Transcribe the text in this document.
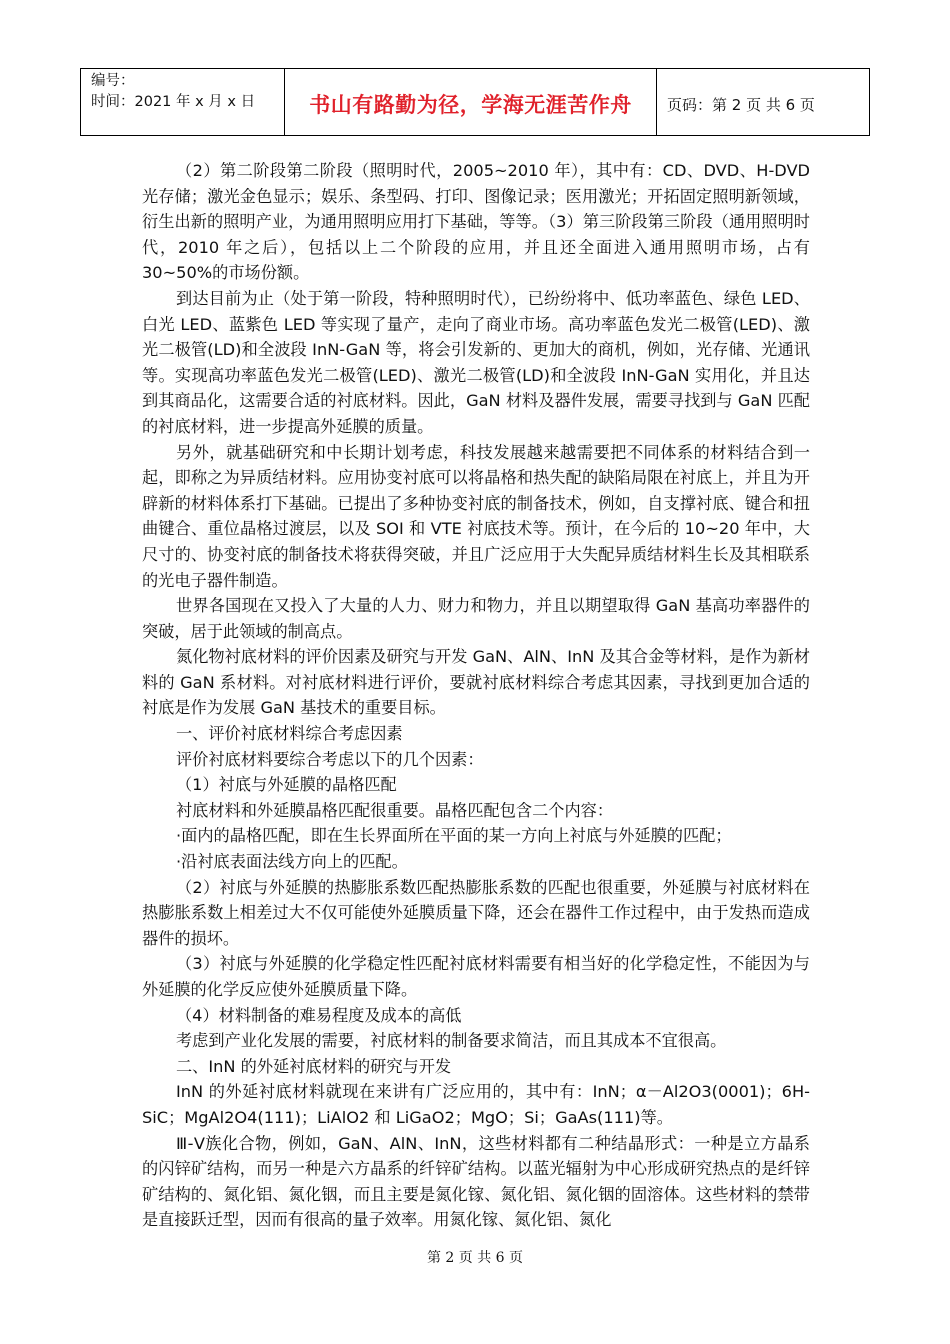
编号：
时间：2021 年 x 月 x 日	书山有路勤为径，学海无涯苦作舟	页码：第 2 页 共 6 页

（2）第二阶段第二阶段（照明时代，2005~2010 年），其中有：CD、DVD、H-DVD 光存储；激光金色显示；娱乐、条型码、打印、图像记录；医用激光；开拓固定照明新领域，衍生出新的照明产业，为通用照明应用打下基础，等等。（3）第三阶段第三阶段（通用照明时代，2010 年之后），包括以上二个阶段的应用，并且还全面进入通用照明市场，占有 30~50%的市场份额。

到达目前为止（处于第一阶段，特种照明时代），已纷纷将中、低功率蓝色、绿色 LED、白光 LED、蓝紫色 LED 等实现了量产，走向了商业市场。高功率蓝色发光二极管(LED)、激光二极管(LD)和全波段 InN-GaN 等，将会引发新的、更加大的商机，例如，光存储、光通讯等。实现高功率蓝色发光二极管(LED)、激光二极管(LD)和全波段 InN-GaN 实用化，并且达到其商品化，这需要合适的衬底材料。因此，GaN 材料及器件发展，需要寻找到与 GaN 匹配的衬底材料，进一步提高外延膜的质量。

另外，就基础研究和中长期计划考虑，科技发展越来越需要把不同体系的材料结合到一起，即称之为异质结材料。应用协变衬底可以将晶格和热失配的缺陷局限在衬底上，并且为开辟新的材料体系打下基础。已提出了多种协变衬底的制备技术，例如，自支撑衬底、键合和扭曲键合、重位晶格过渡层，以及 SOI 和 VTE 衬底技术等。预计，在今后的 10~20 年中，大尺寸的、协变衬底的制备技术将获得突破，并且广泛应用于大失配异质结材料生长及其相联系的光电子器件制造。

世界各国现在又投入了大量的人力、财力和物力，并且以期望取得 GaN 基高功率器件的突破，居于此领域的制高点。

氮化物衬底材料的评价因素及研究与开发 GaN、AlN、InN 及其合金等材料，是作为新材料的 GaN 系材料。对衬底材料进行评价，要就衬底材料综合考虑其因素，寻找到更加合适的衬底是作为发展 GaN 基技术的重要目标。

一、评价衬底材料综合考虑因素

评价衬底材料要综合考虑以下的几个因素：

（1）衬底与外延膜的晶格匹配

衬底材料和外延膜晶格匹配很重要。晶格匹配包含二个内容：

·面内的晶格匹配，即在生长界面所在平面的某一方向上衬底与外延膜的匹配；

·沿衬底表面法线方向上的匹配。

（2）衬底与外延膜的热膨胀系数匹配热膨胀系数的匹配也很重要，外延膜与衬底材料在热膨胀系数上相差过大不仅可能使外延膜质量下降，还会在器件工作过程中，由于发热而造成器件的损坏。

（3）衬底与外延膜的化学稳定性匹配衬底材料需要有相当好的化学稳定性，不能因为与外延膜的化学反应使外延膜质量下降。

（4）材料制备的难易程度及成本的高低

考虑到产业化发展的需要，衬底材料的制备要求简洁，而且其成本不宜很高。

二、InN 的外延衬底材料的研究与开发

InN 的外延衬底材料就现在来讲有广泛应用的，其中有：InN；α－Al2O3(0001)；6H-SiC；MgAl2O4(111)；LiAlO2 和 LiGaO2；MgO；Si；GaAs(111)等。

Ⅲ-Ⅴ族化合物，例如，GaN、AlN、InN，这些材料都有二种结晶形式：一种是立方晶系的闪锌矿结构，而另一种是六方晶系的纤锌矿结构。以蓝光辐射为中心形成研究热点的是纤锌矿结构的、氮化铝、氮化铟，而且主要是氮化镓、氮化铝、氮化铟的固溶体。这些材料的禁带是直接跃迁型，因而有很高的量子效率。用氮化镓、氮化铝、氮化

第 2 页 共 6 页
